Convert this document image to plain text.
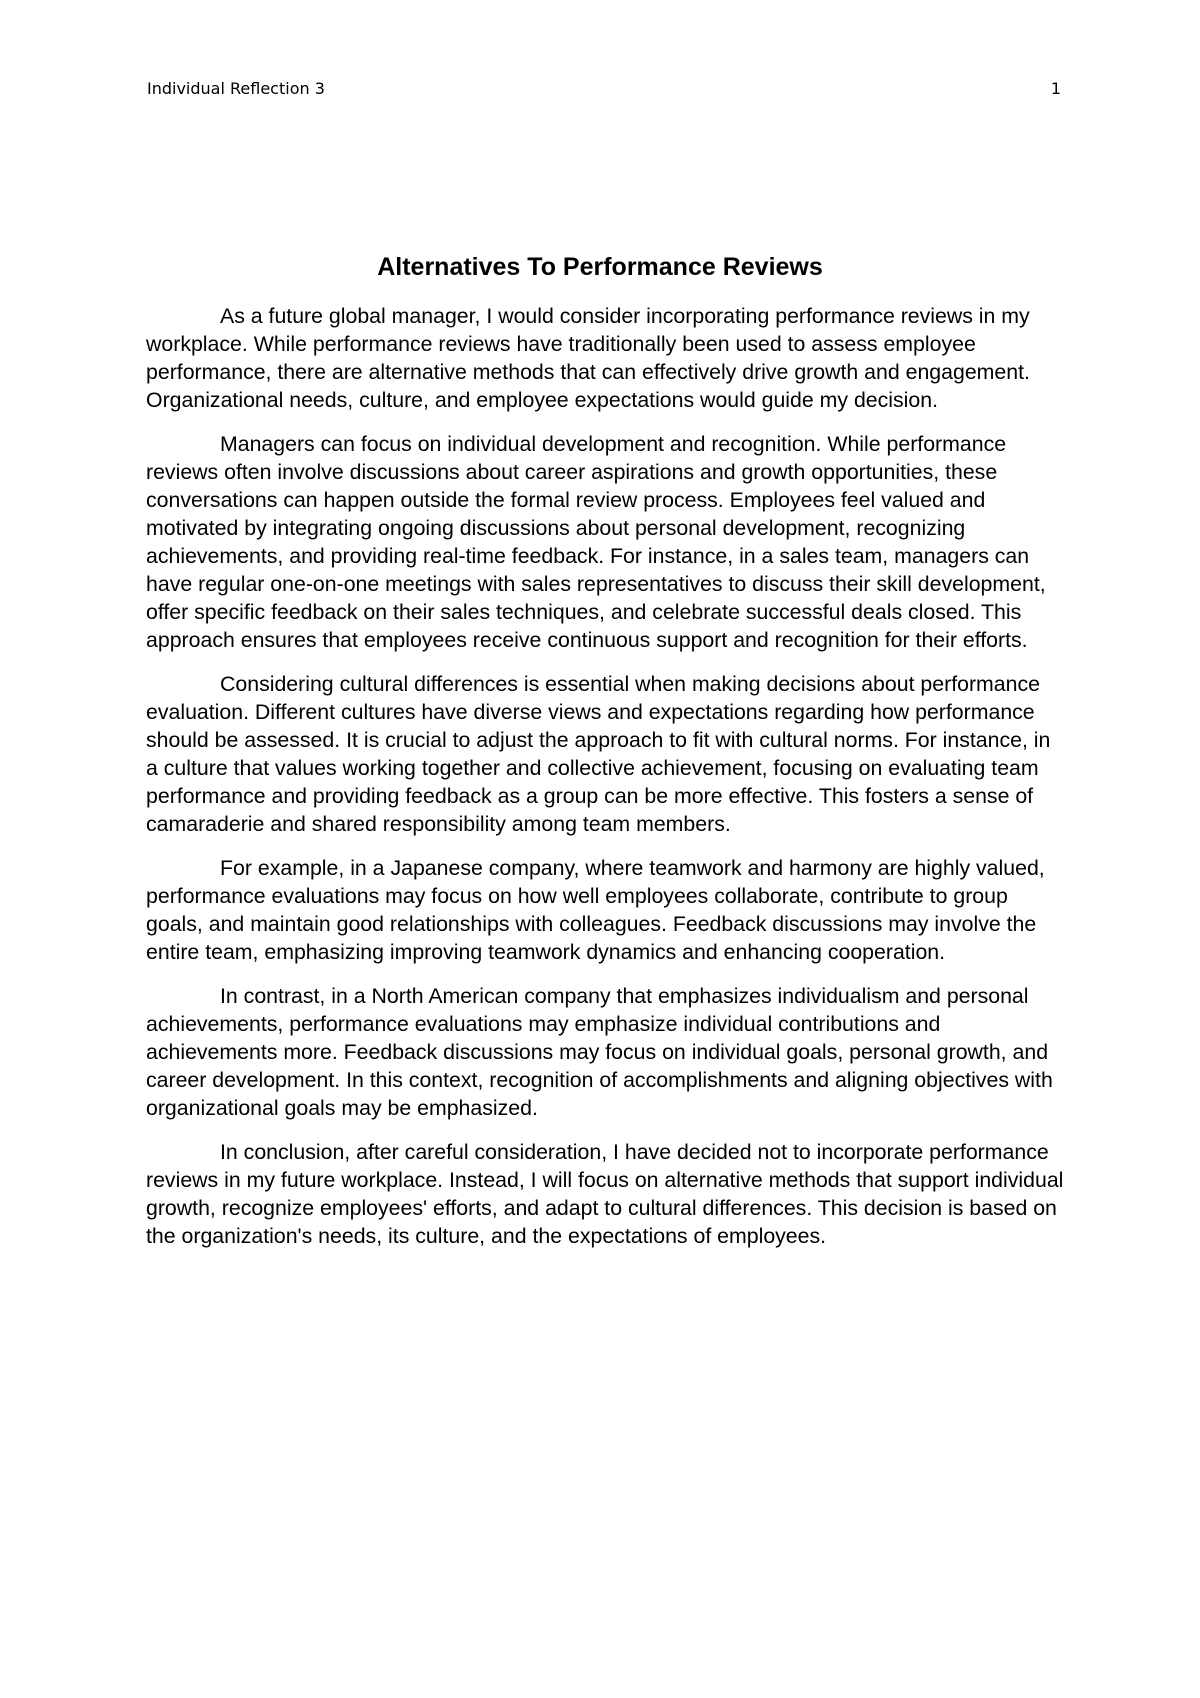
Individual Reflection 3	1
Alternatives To Performance Reviews

As a future global manager, I would consider incorporating performance reviews in my workplace. While performance reviews have traditionally been used to assess employee performance, there are alternative methods that can effectively drive growth and engagement. Organizational needs, culture, and employee expectations would guide my decision.

Managers can focus on individual development and recognition. While performance reviews often involve discussions about career aspirations and growth opportunities, these conversations can happen outside the formal review process. Employees feel valued and motivated by integrating ongoing discussions about personal development, recognizing achievements, and providing real-time feedback. For instance, in a sales team, managers can have regular one-on-one meetings with sales representatives to discuss their skill development, offer specific feedback on their sales techniques, and celebrate successful deals closed. This approach ensures that employees receive continuous support and recognition for their efforts.

Considering cultural differences is essential when making decisions about performance evaluation. Different cultures have diverse views and expectations regarding how performance should be assessed. It is crucial to adjust the approach to fit with cultural norms. For instance, in a culture that values working together and collective achievement, focusing on evaluating team performance and providing feedback as a group can be more effective. This fosters a sense of camaraderie and shared responsibility among team members.

For example, in a Japanese company, where teamwork and harmony are highly valued, performance evaluations may focus on how well employees collaborate, contribute to group goals, and maintain good relationships with colleagues. Feedback discussions may involve the entire team, emphasizing improving teamwork dynamics and enhancing cooperation.

In contrast, in a North American company that emphasizes individualism and personal achievements, performance evaluations may emphasize individual contributions and achievements more. Feedback discussions may focus on individual goals, personal growth, and career development. In this context, recognition of accomplishments and aligning objectives with organizational goals may be emphasized.

In conclusion, after careful consideration, I have decided not to incorporate performance reviews in my future workplace. Instead, I will focus on alternative methods that support individual growth, recognize employees' efforts, and adapt to cultural differences. This decision is based on the organization's needs, its culture, and the expectations of employees.
